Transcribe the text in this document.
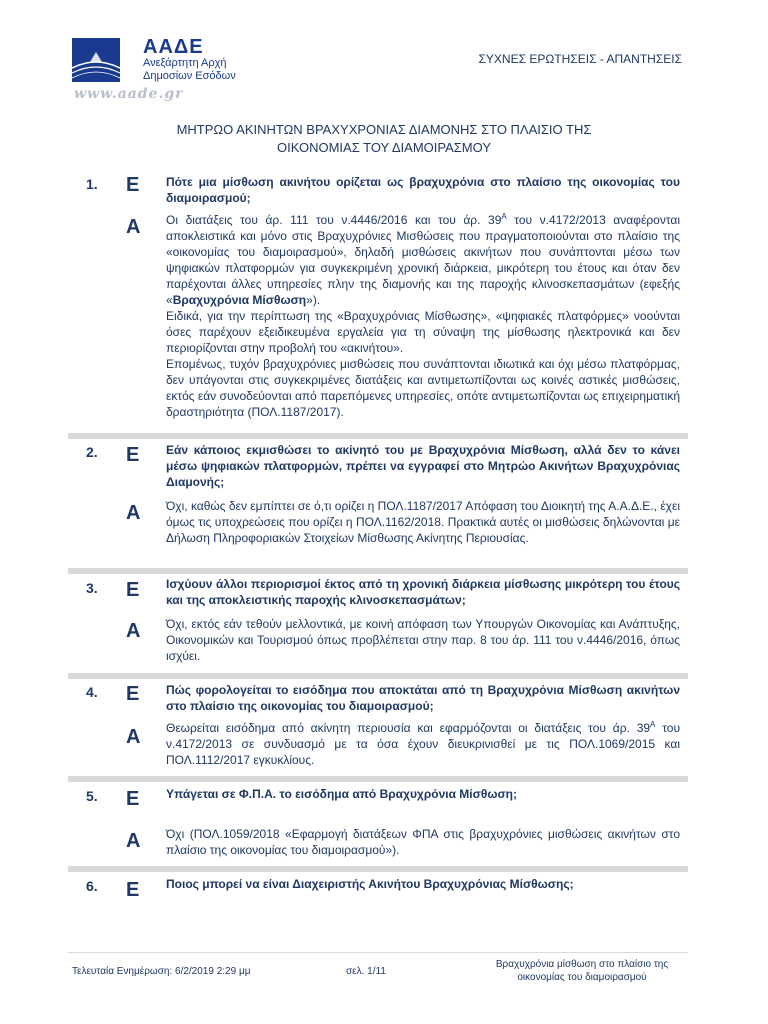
ΑΑΔΕ
Ανεξάρτητη Αρχή
Δημοσίων Εσόδων
www.aade.gr
ΣΥΧΝΕΣ ΕΡΩΤΗΣΕΙΣ - ΑΠΑΝΤΗΣΕΙΣ
ΜΗΤΡΩΟ ΑΚΙΝΗΤΩΝ ΒΡΑΧΥΧΡΟΝΙΑΣ ΔΙΑΜΟΝΗΣ ΣΤΟ ΠΛΑΙΣΙΟ ΤΗΣ
ΟΙΚΟΝΟΜΙΑΣ ΤΟΥ ΔΙΑΜΟΙΡΑΣΜΟΥ
1. Ε Πότε μια μίσθωση ακινήτου ορίζεται ως βραχυχρόνια στο πλαίσιο της οικονομίας του διαμοιρασμού;
Α Οι διατάξεις του άρ. 111 του ν.4446/2016 και του άρ. $39^A$ του ν.4172/2013 αναφέρονται αποκλειστικά και μόνο στις Βραχυχρόνιες Μισθώσεις που πραγματοποιούνται στο πλαίσιο της «οικονομίας του διαμοιρασμού», δηλαδή μισθώσεις ακινήτων που συνάπτονται μέσω των ψηφιακών πλατφορμών για συγκεκριμένη χρονική διάρκεια, μικρότερη του έτους και όταν δεν παρέχονται άλλες υπηρεσίες πλην της διαμονής και της παροχής κλινοσκεπασμάτων (εφεξής «Βραχυχρόνια Μίσθωση»).

Ειδικά, για την περίπτωση της «Βραχυχρόνιας Μίσθωσης», «ψηφιακές πλατφόρμες» νοούνται όσες παρέχουν εξειδικευμένα εργαλεία για τη σύναψη της μίσθωσης ηλεκτρονικά και δεν περιορίζονται στην προβολή του «ακινήτου».

Επομένως, τυχόν βραχυχρόνιες μισθώσεις που συνάπτονται ιδιωτικά και όχι μέσω πλατφόρμας, δεν υπάγονται στις συγκεκριμένες διατάξεις και αντιμετωπίζονται ως κοινές αστικές μισθώσεις, εκτός εάν συνοδεύονται από παρεπόμενες υπηρεσίες, οπότε αντιμετωπίζονται ως επιχειρηματική δραστηριότητα (ΠΟΛ.1187/2017).

2. Ε Εάν κάποιος εκμισθώσει το ακίνητό του με Βραχυχρόνια Μίσθωση, αλλά δεν το κάνει μέσω ψηφιακών πλατφορμών, πρέπει να εγγραφεί στο Μητρώο Ακινήτων Βραχυχρόνιας Διαμονής;
Α Όχι, καθώς δεν εμπίπτει σε ό,τι ορίζει η ΠΟΛ.1187/2017 Απόφαση του Διοικητή της Α.Α.Δ.Ε., έχει όμως τις υποχρεώσεις που ορίζει η ΠΟΛ.1162/2018. Πρακτικά αυτές οι μισθώσεις δηλώνονται με Δήλωση Πληροφοριακών Στοιχείων Μίσθωσης Ακίνητης Περιουσίας.
3. Ε Ισχύουν άλλοι περιορισμοί έκτος από τη χρονική διάρκεια μίσθωσης μικρότερη του έτους και της αποκλειστικής παροχής κλινοσκεπασμάτων;
Α Όχι, εκτός εάν τεθούν μελλοντικά, με κοινή απόφαση των Υπουργών Οικονομίας και Ανάπτυξης, Οικονομικών και Τουρισμού όπως προβλέπεται στην παρ. 8 του άρ. 111 του ν.4446/2016, όπως ισχύει.
4. Ε Πώς φορολογείται το εισόδημα που αποκτάται από τη Βραχυχρόνια Μίσθωση ακινήτων στο πλαίσιο της οικονομίας του διαμοιρασμού;
Α Θεωρείται εισόδημα από ακίνητη περιουσία και εφαρμόζονται οι διατάξεις του άρ. $39^A$ του ν.4172/2013 σε συνδυασμό με τα όσα έχουν διευκρινισθεί με τις ΠΟΛ.1069/2015 και ΠΟΛ.1112/2017 εγκυκλίους.
5. Ε Υπάγεται σε Φ.Π.Α. το εισόδημα από Βραχυχρόνια Μίσθωση;
Α Όχι (ΠΟΛ.1059/2018 «Εφαρμογή διατάξεων ΦΠΑ στις βραχυχρόνιες μισθώσεις ακινήτων στο πλαίσιο της οικονομίας του διαμοιρασμού»).
6. Ε Ποιος μπορεί να είναι Διαχειριστής Ακινήτου Βραχυχρόνιας Μίσθωσης;
Τελευταία Ενημέρωση: 6/2/2019 2:29 μμ	σελ. 1/11
Βραχυχρόνια μίσθωση στο πλαίσιο της
οικονομίας του διαμοιρασμού
